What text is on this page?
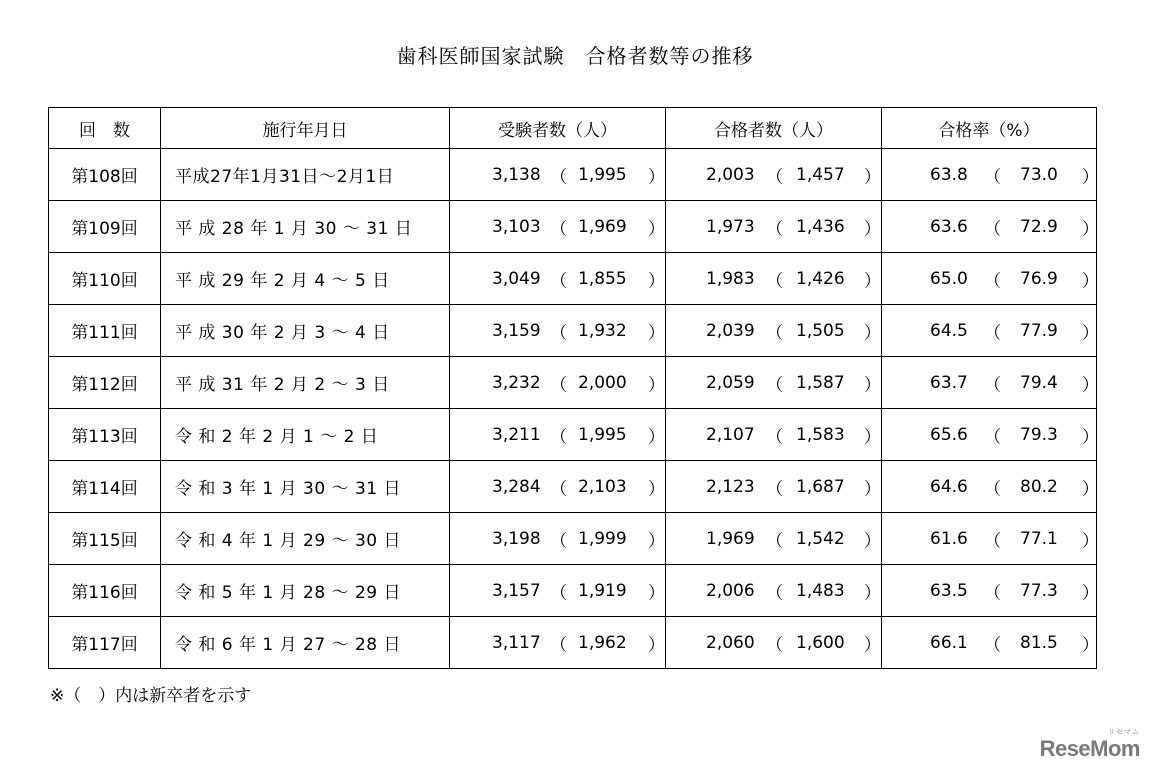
歯科医師国家試験　合格者数等の推移
回　数	施行年月日	受験者数（人）	合格者数（人）	合格率（%）
第108回	平成27年1月31日～2月1日	3,138 （ 1,995 ）	2,003 （ 1,457 ）	63.8 （ 73.0 ）

第109回	平 成 28 年 1 月 30 ～ 31 日	3,103 （ 1,969 ）	1,973 （ 1,436 ）	63.6 （ 72.9 ）

第110回	平 成 29 年 2 月 4 ～ 5 日	3,049 （ 1,855 ）	1,983 （ 1,426 ）	65.0 （ 76.9 ）

第111回	平 成 30 年 2 月 3 ～ 4 日	3,159 （ 1,932 ）	2,039 （ 1,505 ）	64.5 （ 77.9 ）

第112回	平 成 31 年 2 月 2 ～ 3 日	3,232 （ 2,000 ）	2,059 （ 1,587 ）	63.7 （ 79.4 ）

第113回	令 和 2 年 2 月 1 ～ 2 日	3,211 （ 1,995 ）	2,107 （ 1,583 ）	65.6 （ 79.3 ）

第114回	令 和 3 年 1 月 30 ～ 31 日	3,284 （ 2,103 ）	2,123 （ 1,687 ）	64.6 （ 80.2 ）

第115回	令 和 4 年 1 月 29 ～ 30 日	3,198 （ 1,999 ）	1,969 （ 1,542 ）	61.6 （ 77.1 ）

第116回	令 和 5 年 1 月 28 ～ 29 日	3,157 （ 1,919 ）	2,006 （ 1,483 ）	63.5 （ 77.3 ）

第117回	令 和 6 年 1 月 27 ～ 28 日	3,117 （ 1,962 ）	2,060 （ 1,600 ）	66.1 （ 81.5 ）
※（　）内は新卒者を示す
ReseMom
リセマム
